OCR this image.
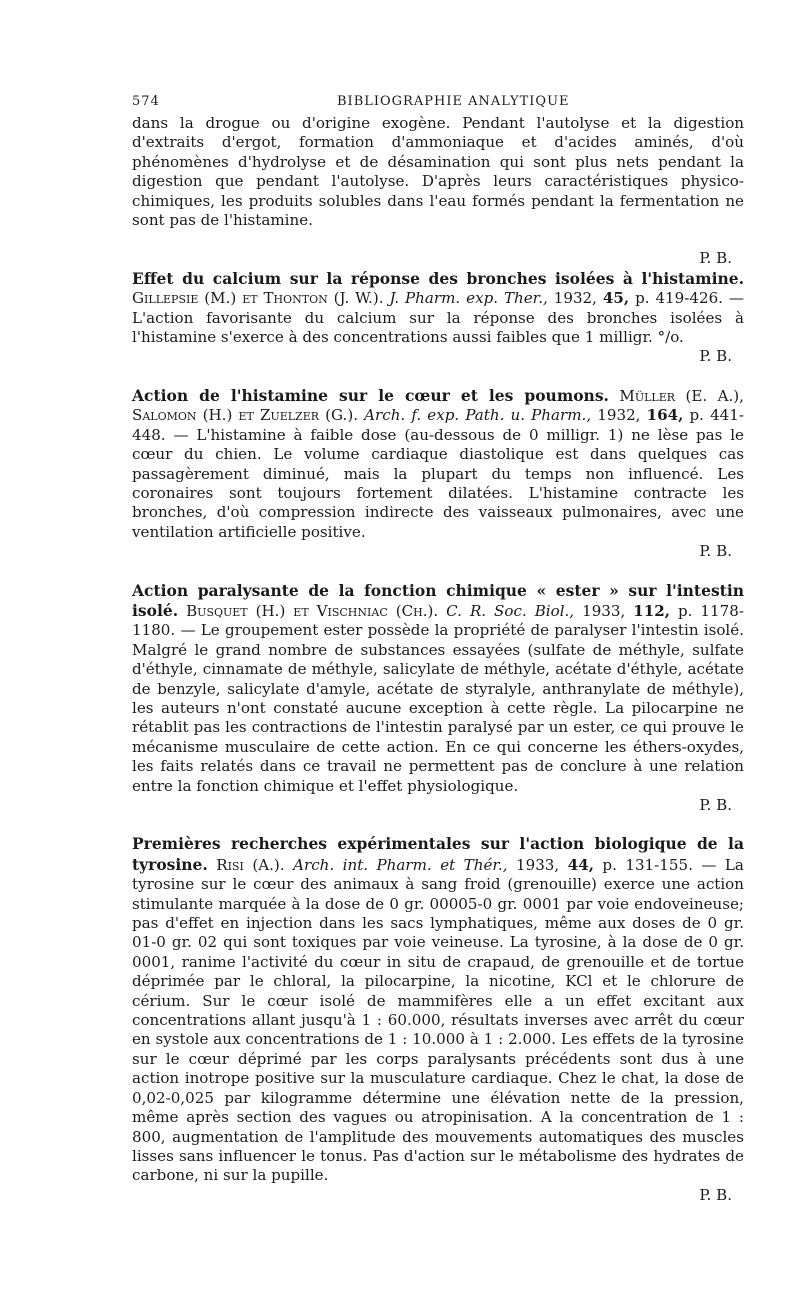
574	BIBLIOGRAPHIE ANALYTIQUE

dans la drogue ou d'origine exogène. Pendant l'autolyse et la digestion d'extraits d'ergot, formation d'ammoniaque et d'acides aminés, d'où phénomènes d'hydrolyse et de désamination qui sont plus nets pendant la digestion que pendant l'autolyse. D'après leurs caractéristiques physico-chimiques, les produits solubles dans l'eau formés pendant la fermentation ne sont pas de l'histamine.

P. B.
Effet du calcium sur la réponse des bronches isolées à l'histamine. Gillepsie (M.) et Thonton (J. W.). J. Pharm. exp. Ther., 1932, 45, p. 419-426. — L'action favorisante du calcium sur la réponse des bronches isolées à l'histamine s'exerce à des concentrations aussi faibles que 1 milligr. °/o.
P. B.
Action de l'histamine sur le cœur et les poumons. Müller (E. A.), Salomon (H.) et Zuelzer (G.). Arch. f. exp. Path. u. Pharm., 1932, 164, p. 441-448. — L'histamine à faible dose (au-dessous de 0 milligr. 1) ne lèse pas le cœur du chien. Le volume cardiaque diastolique est dans quelques cas passagèrement diminué, mais la plupart du temps non influencé. Les coronaires sont toujours fortement dilatées. L'histamine contracte les bronches, d'où compression indirecte des vaisseaux pulmonaires, avec une ventilation artificielle positive.
P. B.
Action paralysante de la fonction chimique « ester » sur l'intestin isolé. Busquet (H.) et Vischniac (Ch.). C. R. Soc. Biol., 1933, 112, p. 1178-1180. — Le groupement ester possède la propriété de paralyser l'intestin isolé. Malgré le grand nombre de substances essayées (sulfate de méthyle, sulfate d'éthyle, cinnamate de méthyle, salicylate de méthyle, acétate d'éthyle, acétate de benzyle, salicylate d'amyle, acétate de styralyle, anthranylate de méthyle), les auteurs n'ont constaté aucune exception à cette règle. La pilocarpine ne rétablit pas les contractions de l'intestin paralysé par un ester, ce qui prouve le mécanisme musculaire de cette action. En ce qui concerne les éthers-oxydes, les faits relatés dans ce travail ne permettent pas de conclure à une relation entre la fonction chimique et l'effet physiologique.
P. B.
Premières recherches expérimentales sur l'action biologique de la tyrosine. Risi (A.). Arch. int. Pharm. et Thér., 1933, 44, p. 131-155. — La tyrosine sur le cœur des animaux à sang froid (grenouille) exerce une action stimulante marquée à la dose de 0 gr. 00005-0 gr. 0001 par voie endoveineuse; pas d'effet en injection dans les sacs lymphatiques, même aux doses de 0 gr. 01-0 gr. 02 qui sont toxiques par voie veineuse. La tyrosine, à la dose de 0 gr. 0001, ranime l'activité du cœur in situ de crapaud, de grenouille et de tortue déprimée par le chloral, la pilocarpine, la nicotine, KCl et le chlorure de cérium. Sur le cœur isolé de mammifères elle a un effet excitant aux concentrations allant jusqu'à 1 : 60.000, résultats inverses avec arrêt du cœur en systole aux concentrations de 1 : 10.000 à 1 : 2.000. Les effets de la tyrosine sur le cœur déprimé par les corps paralysants précédents sont dus à une action inotrope positive sur la musculature cardiaque. Chez le chat, la dose de 0,02-0,025 par kilogramme détermine une élévation nette de la pression, même après section des vagues ou atropinisation. A la concentration de 1 : 800, augmentation de l'amplitude des mouvements automatiques des muscles lisses sans influencer le tonus. Pas d'action sur le métabolisme des hydrates de carbone, ni sur la pupille.
P. B.
